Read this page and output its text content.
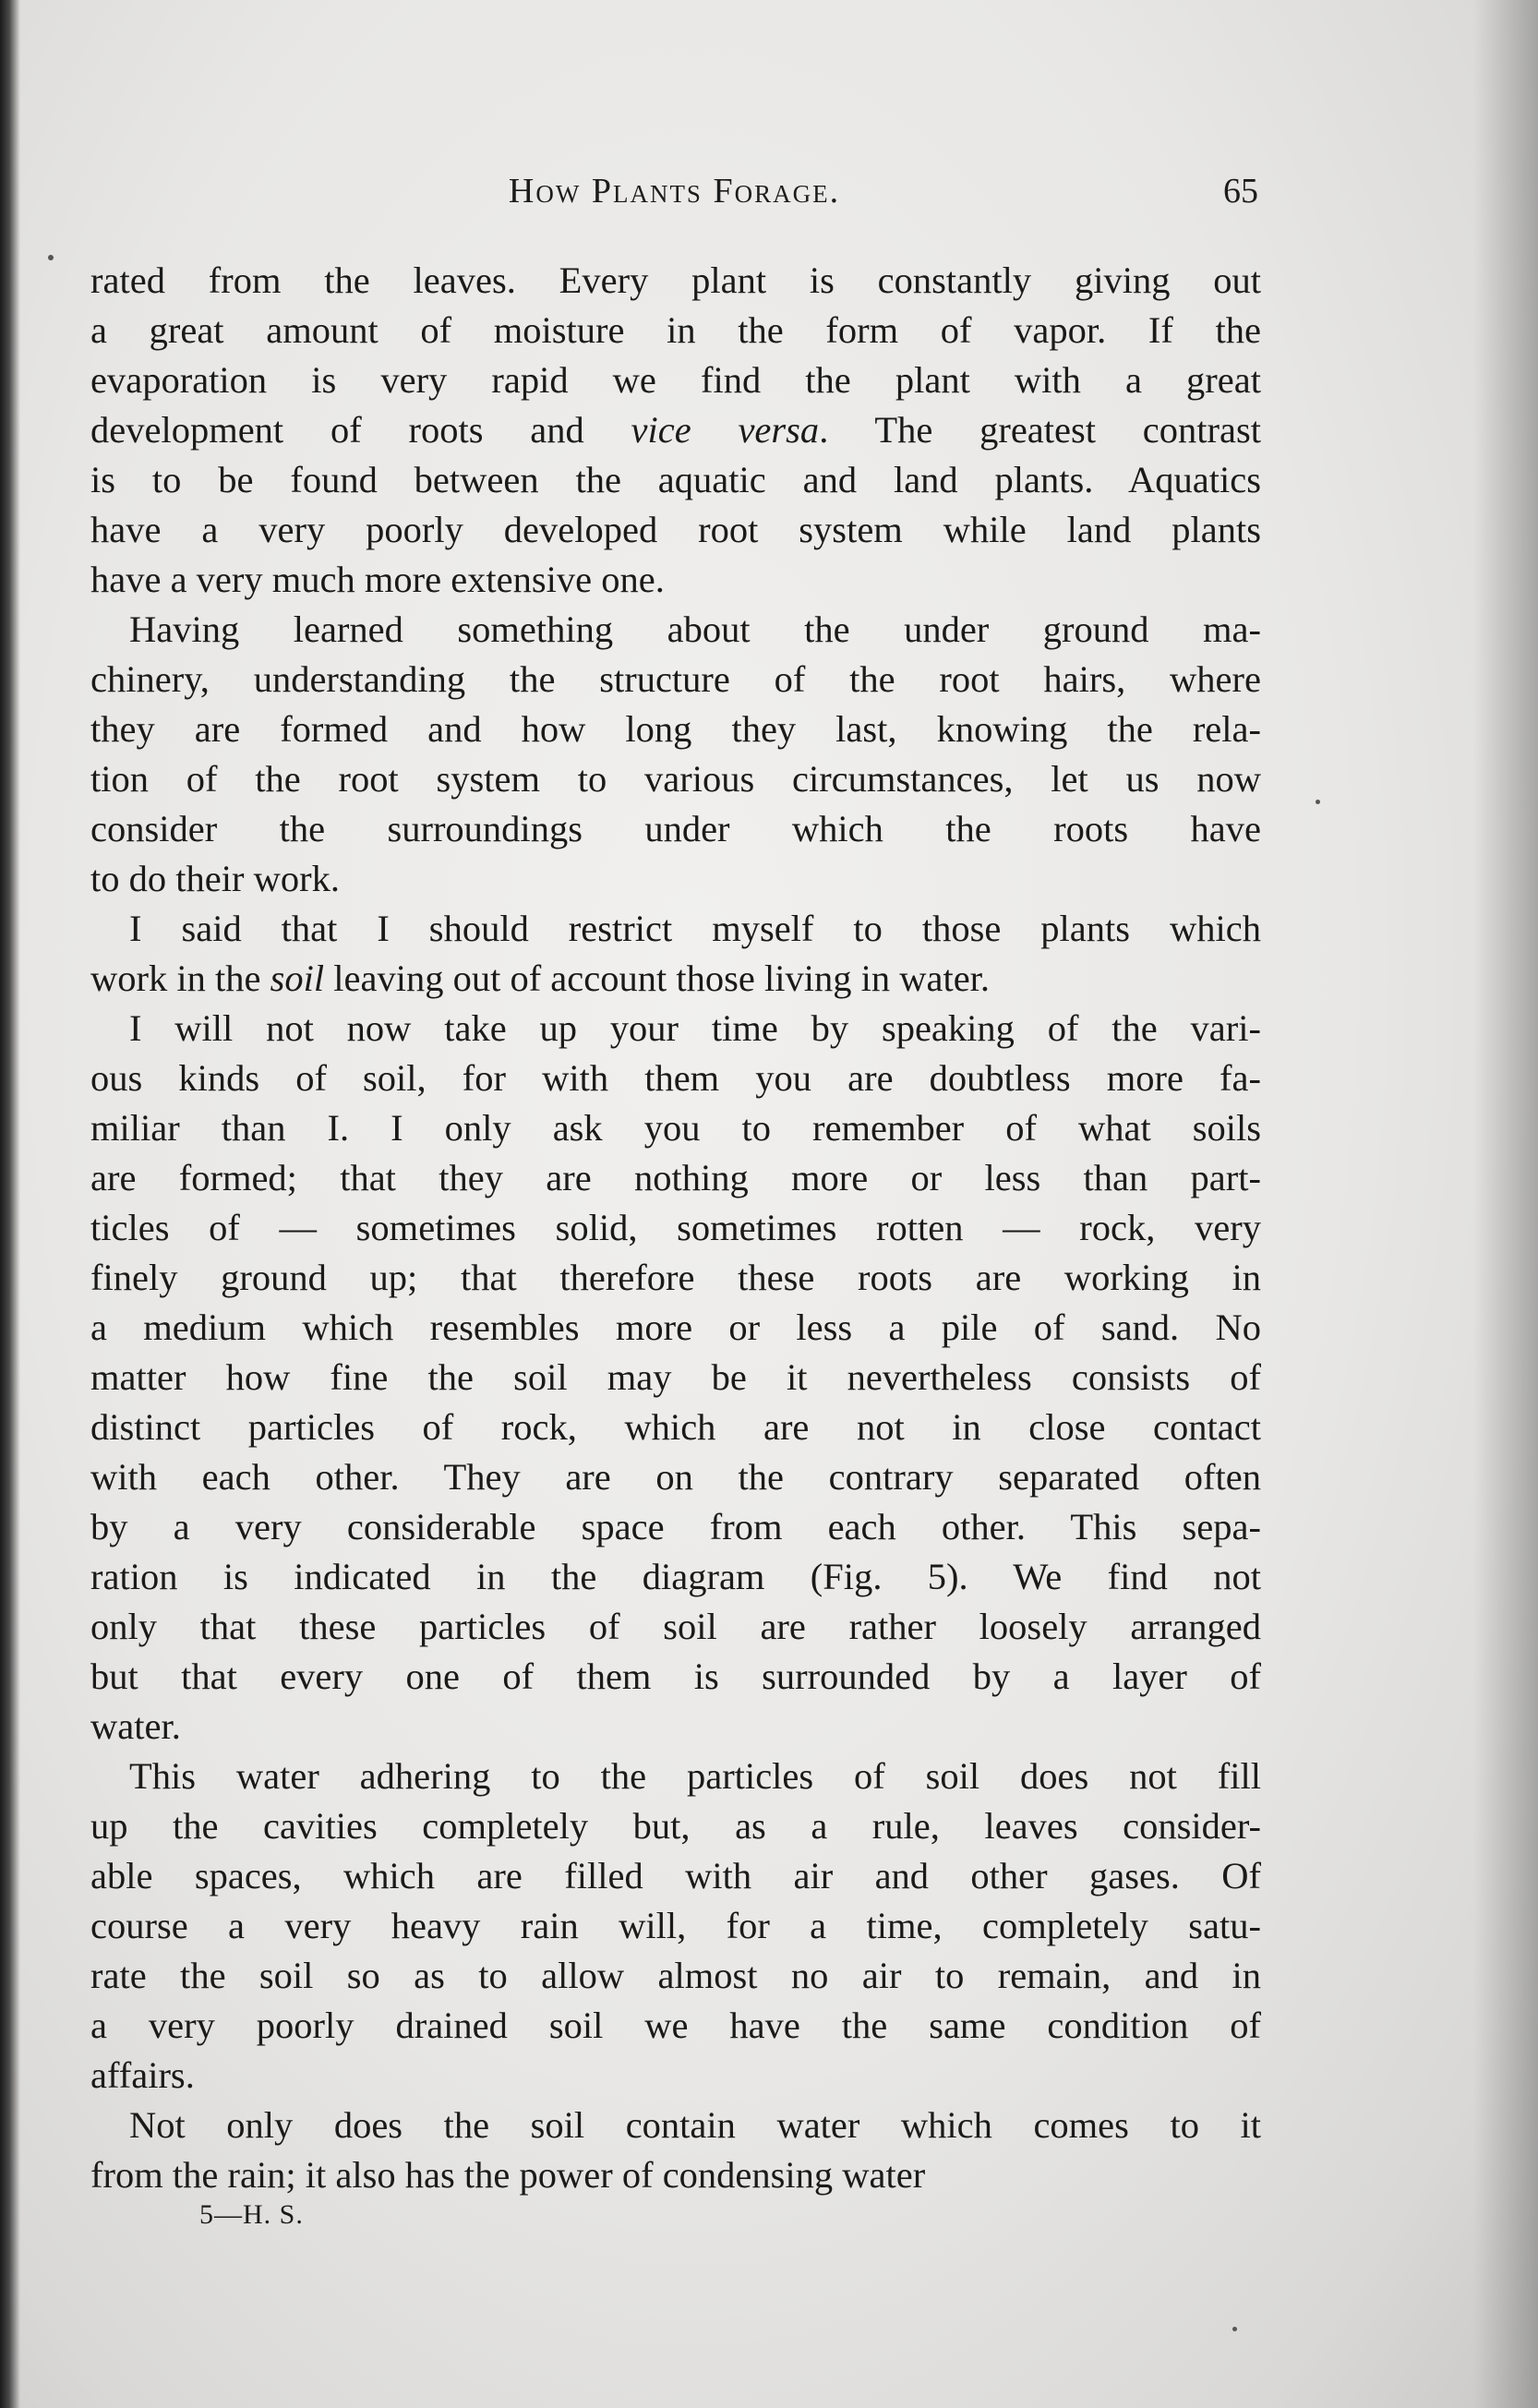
How Plants Forage.	65

rated from the leaves. Every plant is constantly giving out
a great amount of moisture in the form of vapor. If the
evaporation is very rapid we find the plant with a great
development of roots and vice versa. The greatest contrast
is to be found between the aquatic and land plants. Aquatics
have a very poorly developed root system while land plants
have a very much more extensive one.

Having learned something about the under ground ma-
chinery, understanding the structure of the root hairs, where
they are formed and how long they last, knowing the rela-
tion of the root system to various circumstances, let us now
consider the surroundings under which the roots have
to do their work.

I said that I should restrict myself to those plants which
work in the soil leaving out of account those living in water.

I will not now take up your time by speaking of the vari-
ous kinds of soil, for with them you are doubtless more fa-
miliar than I. I only ask you to remember of what soils
are formed; that they are nothing more or less than part-
ticles of — sometimes solid, sometimes rotten — rock, very
finely ground up; that therefore these roots are working in
a medium which resembles more or less a pile of sand. No
matter how fine the soil may be it nevertheless consists of
distinct particles of rock, which are not in close contact
with each other. They are on the contrary separated often
by a very considerable space from each other. This sepa-
ration is indicated in the diagram (Fig. 5). We find not
only that these particles of soil are rather loosely arranged
but that every one of them is surrounded by a layer of
water.

This water adhering to the particles of soil does not fill
up the cavities completely but, as a rule, leaves consider-
able spaces, which are filled with air and other gases. Of
course a very heavy rain will, for a time, completely satu-
rate the soil so as to allow almost no air to remain, and in
a very poorly drained soil we have the same condition of
affairs.

Not only does the soil contain water which comes to it
from the rain; it also has the power of condensing water

5—H. S.
